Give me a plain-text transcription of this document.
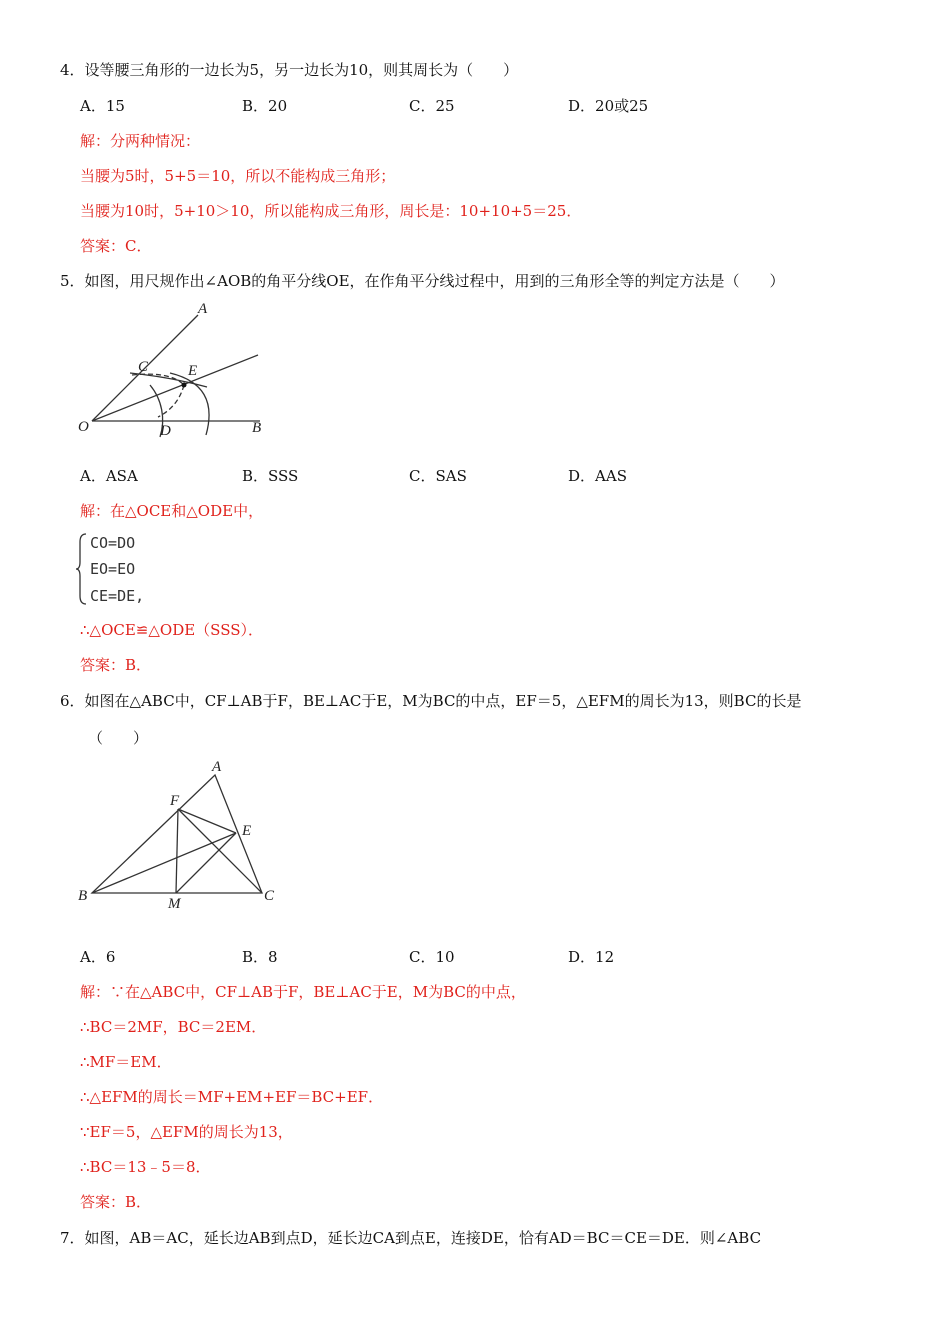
4．设等腰三角形的一边长为5，另一边长为10，则其周长为（　　）
A．15	B．20	C．25	D．20或25
解：分两种情况：
当腰为5时，5+5＝10，所以不能构成三角形；
当腰为10时，5+10＞10，所以能构成三角形，周长是：10+10+5＝25．
答案：C．
5．如图，用尺规作出∠AOB的角平分线OE，在作角平分线过程中，用到的三角形全等的判定方法是（　　）
A
C	E
O	D	B
A．ASA	B．SSS	C．SAS	D．AAS
解：在△OCE和△ODE中，
CO=DO
EO=EO
CE=DE,
∴△OCE≌△ODE（SSS）．
答案：B．
6．如图在△ABC中，CF⊥AB于F，BE⊥AC于E，M为BC的中点，EF＝5，△EFM的周长为13，则BC的长是
（　　）
A
F
E
B	M	C
A．6	B．8	C．10	D．12
解：∵在△ABC中，CF⊥AB于F，BE⊥AC于E，M为BC的中点，
∴BC＝2MF，BC＝2EM．
∴MF＝EM．
∴△EFM的周长＝MF+EM+EF＝BC+EF．
∵EF＝5，△EFM的周长为13，
∴BC＝13﹣5＝8．
答案：B．
7．如图，AB＝AC，延长边AB到点D，延长边CA到点E，连接DE，恰有AD＝BC＝CE＝DE．则∠ABC
